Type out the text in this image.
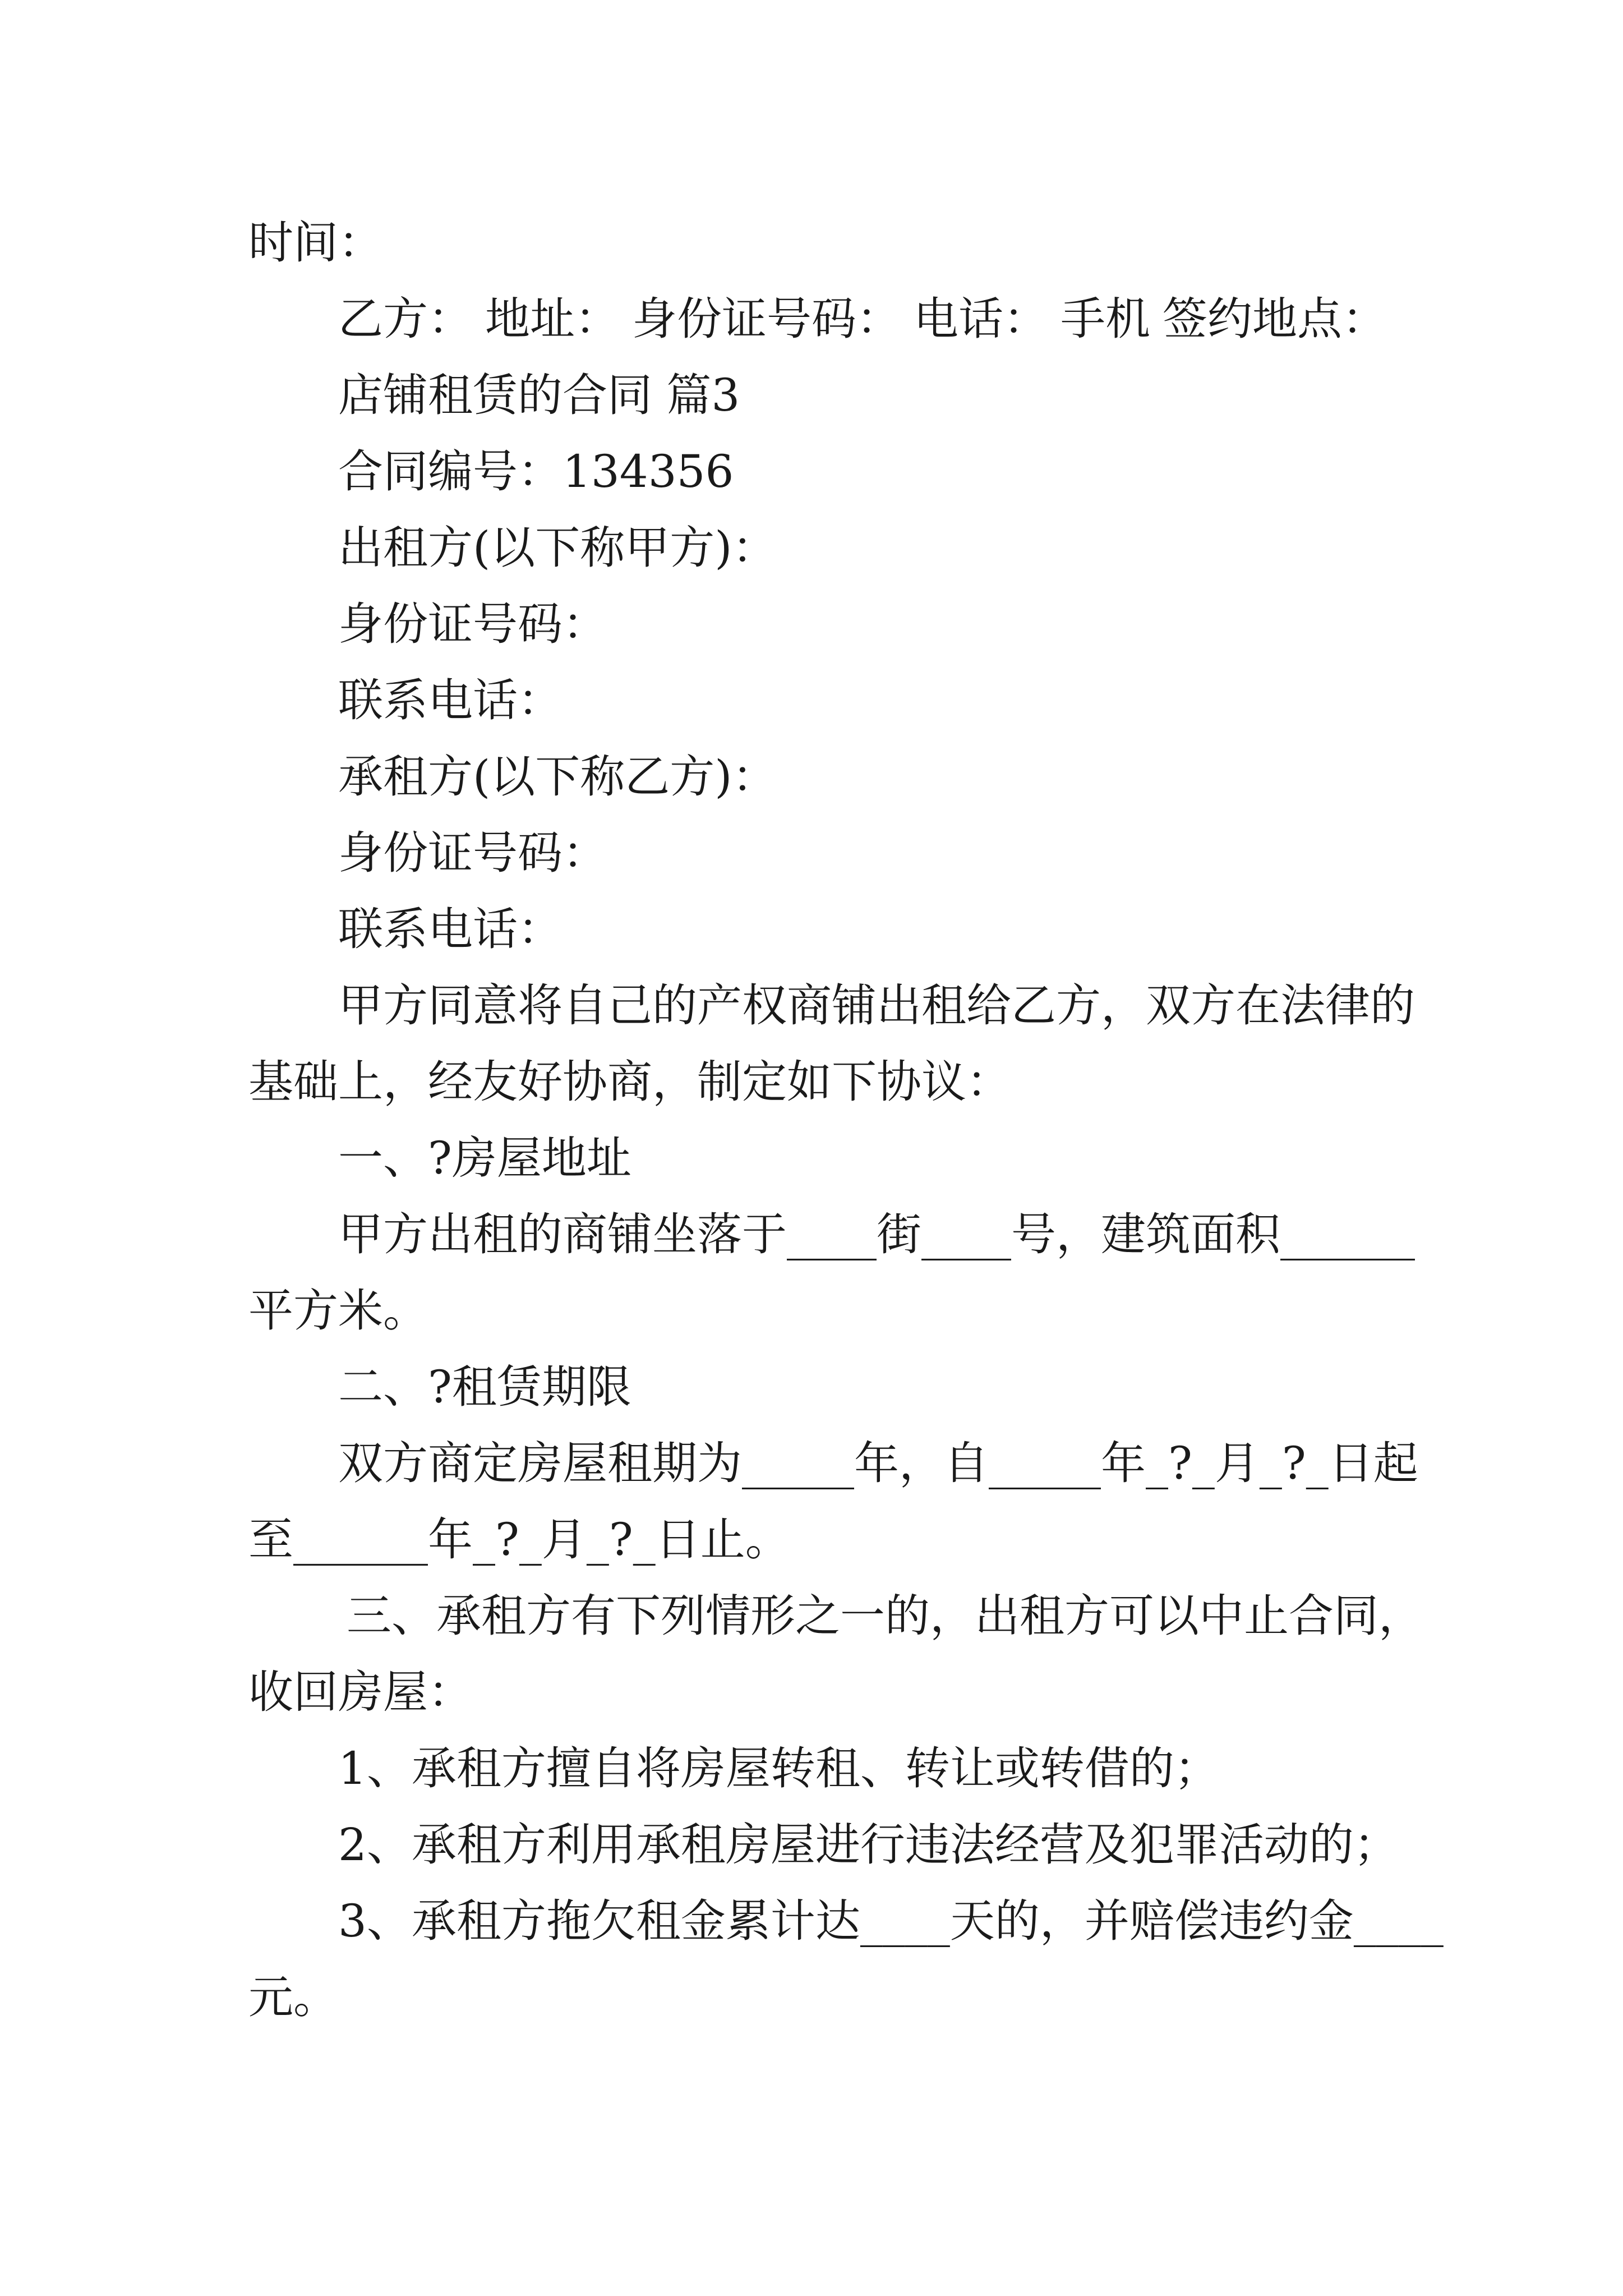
时间：
乙方： 地址： 身份证号码： 电话： 手机 签约地点：
店铺租赁的合同 篇3
合同编号：134356
出租方(以下称甲方)：
身份证号码：
联系电话：
承租方(以下称乙方)：
身份证号码：
联系电话：
甲方同意将自己的产权商铺出租给乙方，双方在法律的
基础上，经友好协商，制定如下协议：
一、?房屋地址
甲方出租的商铺坐落于____街____号，建筑面积______
平方米。
二、?租赁期限
双方商定房屋租期为_____年，自_____年_?_月_?_日起
至______年_?_月_?_日止。
三、承租方有下列情形之一的，出租方可以中止合同，
收回房屋：
1、承租方擅自将房屋转租、转让或转借的；
2、承租方利用承租房屋进行违法经营及犯罪活动的；
3、承租方拖欠租金累计达____天的，并赔偿违约金____
元。
